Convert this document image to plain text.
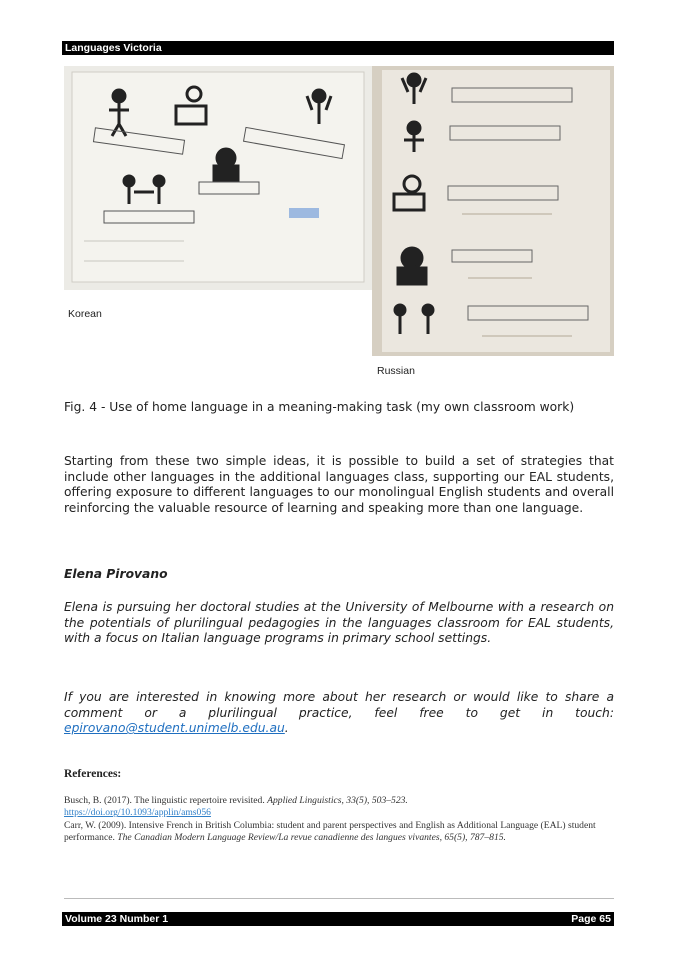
Languages Victoria
Korean
Russian
Fig. 4 - Use of home language in a meaning-making task (my own classroom work)
Starting from these two simple ideas, it is possible to build a set of strategies that include other languages in the additional languages class, supporting our EAL students, offering exposure to different languages to our monolingual English students and overall reinforcing the valuable resource of learning and speaking more than one language.
Elena Pirovano
Elena is pursuing her doctoral studies at the University of Melbourne with a research on the potentials of plurilingual pedagogies in the languages classroom for EAL students, with a focus on Italian language programs in primary school settings.
If you are interested in knowing more about her research or would like to share a comment or a plurilingual practice, feel free to get in touch: epirovano@student.unimelb.edu.au.
References:
Busch, B. (2017). The linguistic repertoire revisited. Applied Linguistics, 33(5), 503–523.
https://doi.org/10.1093/applin/ams056
Carr, W. (2009). Intensive French in British Columbia: student and parent perspectives and English as Additional Language (EAL) student performance. The Canadian Modern Language Review/La revue canadienne des langues vivantes, 65(5), 787–815.
Volume 23 Number 1	Page 65
